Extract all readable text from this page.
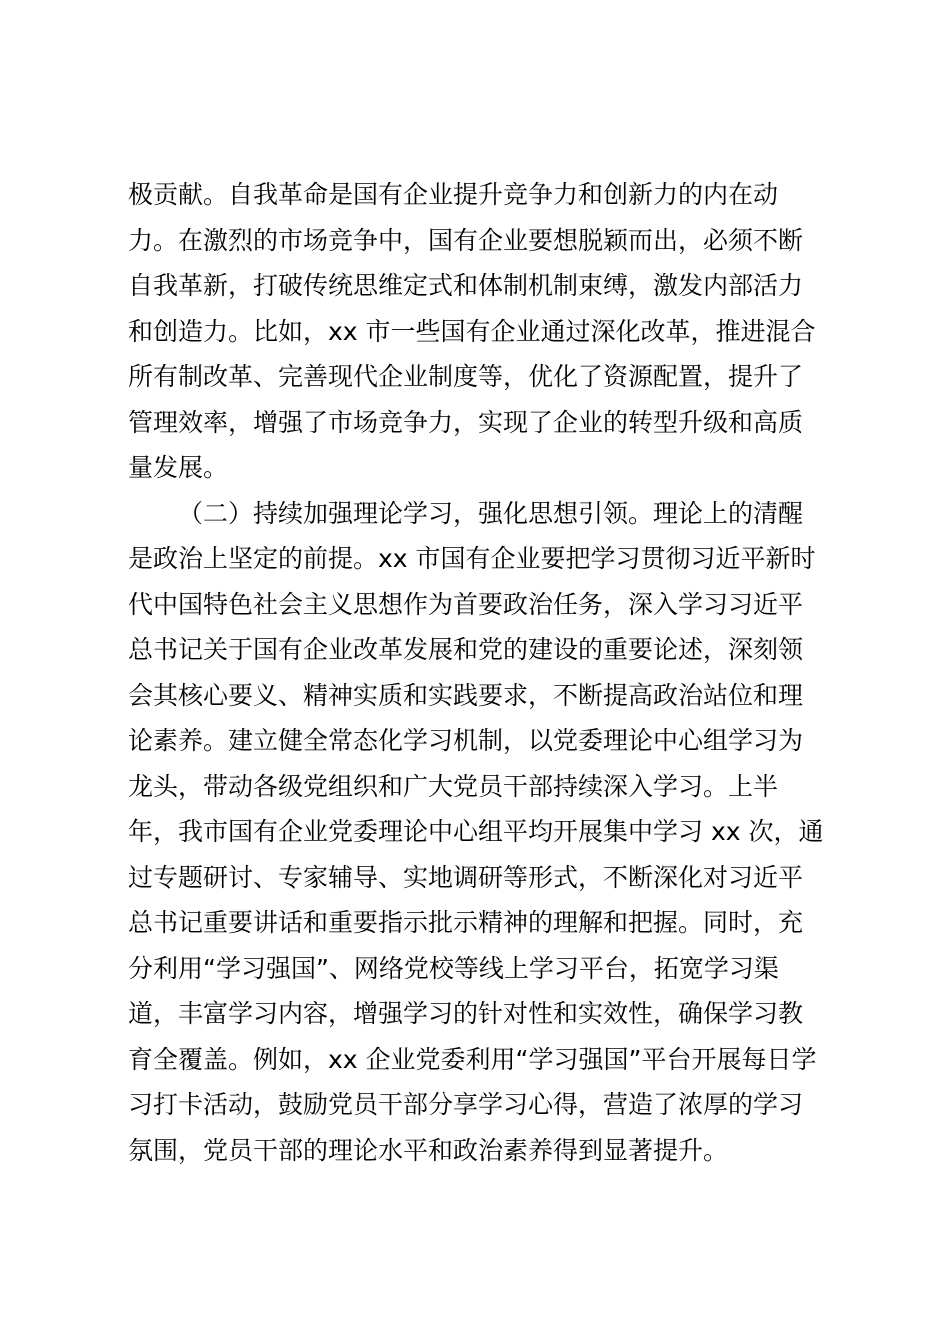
极贡献。自我革命是国有企业提升竞争力和创新力的内在动
力。在激烈的市场竞争中，国有企业要想脱颖而出，必须不断
自我革新，打破传统思维定式和体制机制束缚，激发内部活力
和创造力。比如，xx 市一些国有企业通过深化改革，推进混合
所有制改革、完善现代企业制度等，优化了资源配置，提升了
管理效率，增强了市场竞争力，实现了企业的转型升级和高质
量发展。
（二）持续加强理论学习，强化思想引领。理论上的清醒
是政治上坚定的前提。xx 市国有企业要把学习贯彻习近平新时
代中国特色社会主义思想作为首要政治任务，深入学习习近平
总书记关于国有企业改革发展和党的建设的重要论述，深刻领
会其核心要义、精神实质和实践要求，不断提高政治站位和理
论素养。建立健全常态化学习机制，以党委理论中心组学习为
龙头，带动各级党组织和广大党员干部持续深入学习。上半
年，我市国有企业党委理论中心组平均开展集中学习 xx 次，通
过专题研讨、专家辅导、实地调研等形式，不断深化对习近平
总书记重要讲话和重要指示批示精神的理解和把握。同时，充
分利用“学习强国”、网络党校等线上学习平台，拓宽学习渠
道，丰富学习内容，增强学习的针对性和实效性，确保学习教
育全覆盖。例如，xx 企业党委利用“学习强国”平台开展每日学
习打卡活动，鼓励党员干部分享学习心得，营造了浓厚的学习
氛围，党员干部的理论水平和政治素养得到显著提升。
